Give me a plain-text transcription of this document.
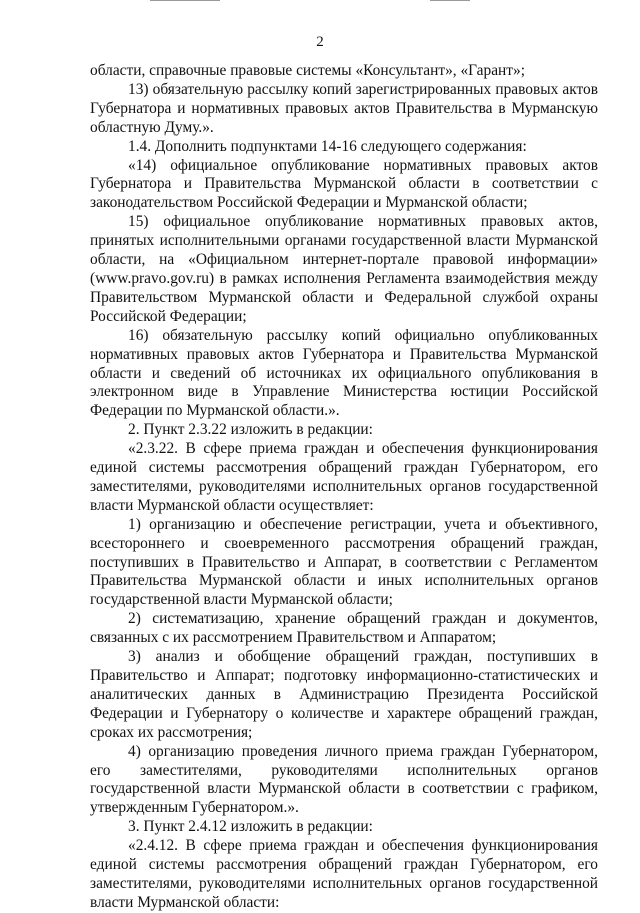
2

области, справочные правовые системы «Консультант», «Гарант»;

13) обязательную рассылку копий зарегистрированных правовых актов Губернатора и нормативных правовых актов Правительства в Мурманскую областную Думу.».

1.4. Дополнить подпунктами 14-16 следующего содержания:

«14) официальное опубликование нормативных правовых актов Губернатора и Правительства Мурманской области в соответствии с законодательством Российской Федерации и Мурманской области;

15) официальное опубликование нормативных правовых актов, принятых исполнительными органами государственной власти Мурманской области, на «Официальном интернет-портале правовой информации» (www.pravo.gov.ru) в рамках исполнения Регламента взаимодействия между Правительством Мурманской области и Федеральной службой охраны Российской Федерации;

16) обязательную рассылку копий официально опубликованных нормативных правовых актов Губернатора и Правительства Мурманской области и сведений об источниках их официального опубликования в электронном виде в Управление Министерства юстиции Российской Федерации по Мурманской области.».

2. Пункт 2.3.22 изложить в редакции:

«2.3.22. В сфере приема граждан и обеспечения функционирования единой системы рассмотрения обращений граждан Губернатором, его заместителями, руководителями исполнительных органов государственной власти Мурманской области осуществляет:

1) организацию и обеспечение регистрации, учета и объективного, всестороннего и своевременного рассмотрения обращений граждан, поступивших в Правительство и Аппарат, в соответствии с Регламентом Правительства Мурманской области и иных исполнительных органов государственной власти Мурманской области;

2) систематизацию, хранение обращений граждан и документов, связанных с их рассмотрением Правительством и Аппаратом;

3) анализ и обобщение обращений граждан, поступивших в Правительство и Аппарат; подготовку информационно-статистических и аналитических данных в Администрацию Президента Российской Федерации и Губернатору о количестве и характере обращений граждан, сроках их рассмотрения;

4) организацию проведения личного приема граждан Губернатором, его заместителями, руководителями исполнительных органов государственной власти Мурманской области в соответствии с графиком, утвержденным Губернатором.».

3. Пункт 2.4.12 изложить в редакции:

«2.4.12. В сфере приема граждан и обеспечения функционирования единой системы рассмотрения обращений граждан Губернатором, его заместителями, руководителями исполнительных органов государственной власти Мурманской области:
